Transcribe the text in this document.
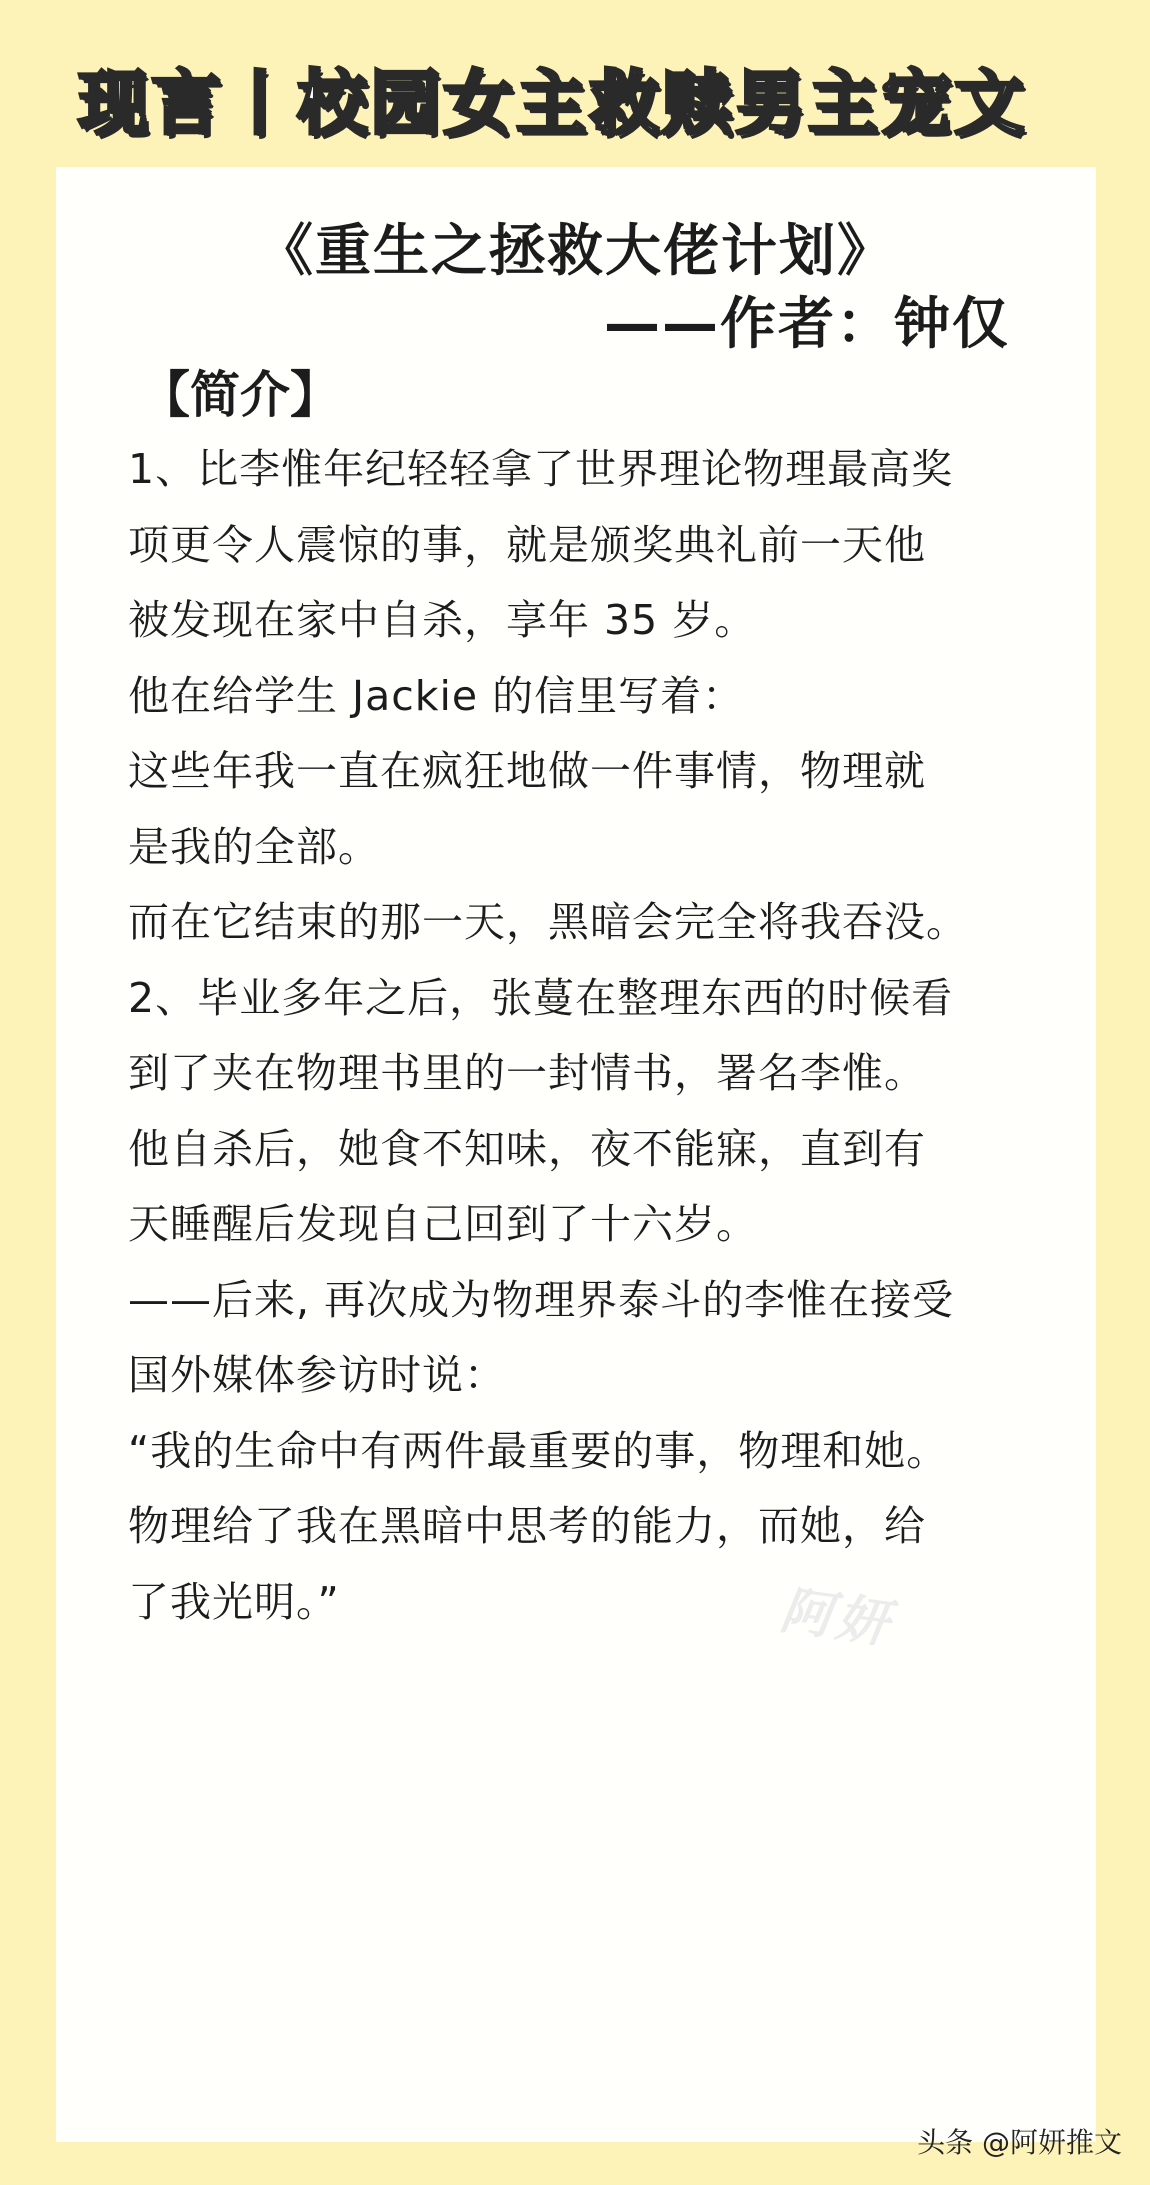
现言丨校园女主救赎男主宠文
《重生之拯救大佬计划》
——作者：钟仅
【简介】
1、比李惟年纪轻轻拿了世界理论物理最高奖
项更令人震惊的事，就是颁奖典礼前一天他
被发现在家中自杀，享年 35 岁。
他在给学生 Jackie 的信里写着：
这些年我一直在疯狂地做一件事情，物理就
是我的全部。
而在它结束的那一天，黑暗会完全将我吞没。
2、毕业多年之后，张蔓在整理东西的时候看
到了夹在物理书里的一封情书，署名李惟。
他自杀后，她食不知味，夜不能寐，直到有
天睡醒后发现自己回到了十六岁。
——后来, 再次成为物理界泰斗的李惟在接受
国外媒体参访时说：
“我的生命中有两件最重要的事，物理和她。
物理给了我在黑暗中思考的能力，而她，给
了我光明。”	阿妍
头条 @阿妍推文
